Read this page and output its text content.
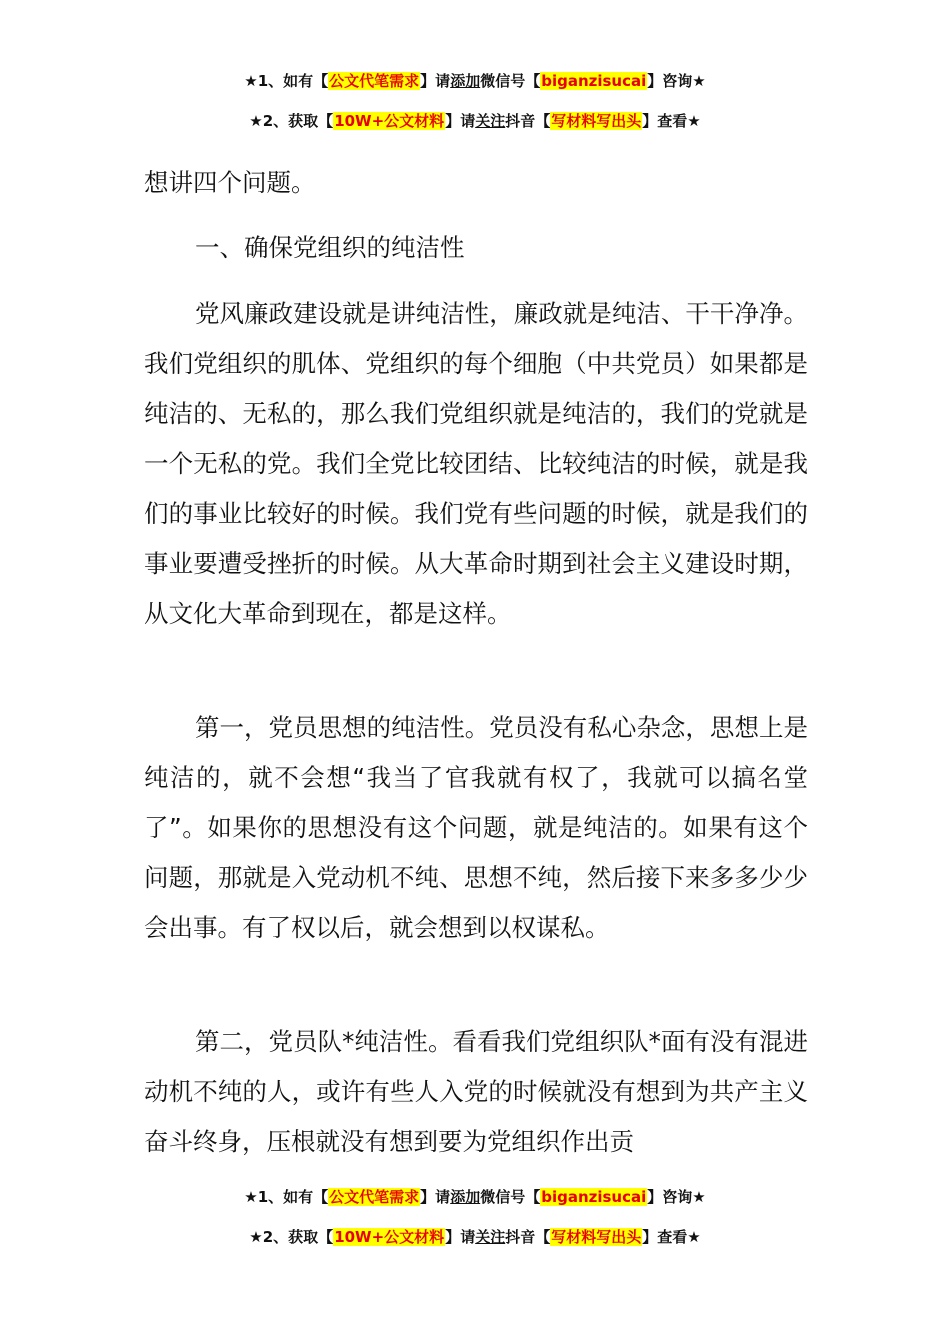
★1、如有【公文代笔需求】请添加微信号【biganzisucai】咨询★
★2、获取【10W+公文材料】请关注抖音【写材料写出头】查看★

想讲四个问题。

一、确保党组织的纯洁性

党风廉政建设就是讲纯洁性，廉政就是纯洁、干干净净。我们党组织的肌体、党组织的每个细胞（中共党员）如果都是纯洁的、无私的，那么我们党组织就是纯洁的，我们的党就是一个无私的党。我们全党比较团结、比较纯洁的时候，就是我们的事业比较好的时候。我们党有些问题的时候，就是我们的事业要遭受挫折的时候。从大革命时期到社会主义建设时期，从文化大革命到现在，都是这样。

第一，党员思想的纯洁性。党员没有私心杂念，思想上是纯洁的，就不会想“我当了官我就有权了，我就可以搞名堂了”。如果你的思想没有这个问题，就是纯洁的。如果有这个问题，那就是入党动机不纯、思想不纯，然后接下来多多少少会出事。有了权以后，就会想到以权谋私。

第二，党员队*纯洁性。看看我们党组织队*面有没有混进动机不纯的人，或许有些人入党的时候就没有想到为共产主义奋斗终身，压根就没有想到要为党组织作出贡

★1、如有【公文代笔需求】请添加微信号【biganzisucai】咨询★
★2、获取【10W+公文材料】请关注抖音【写材料写出头】查看★
